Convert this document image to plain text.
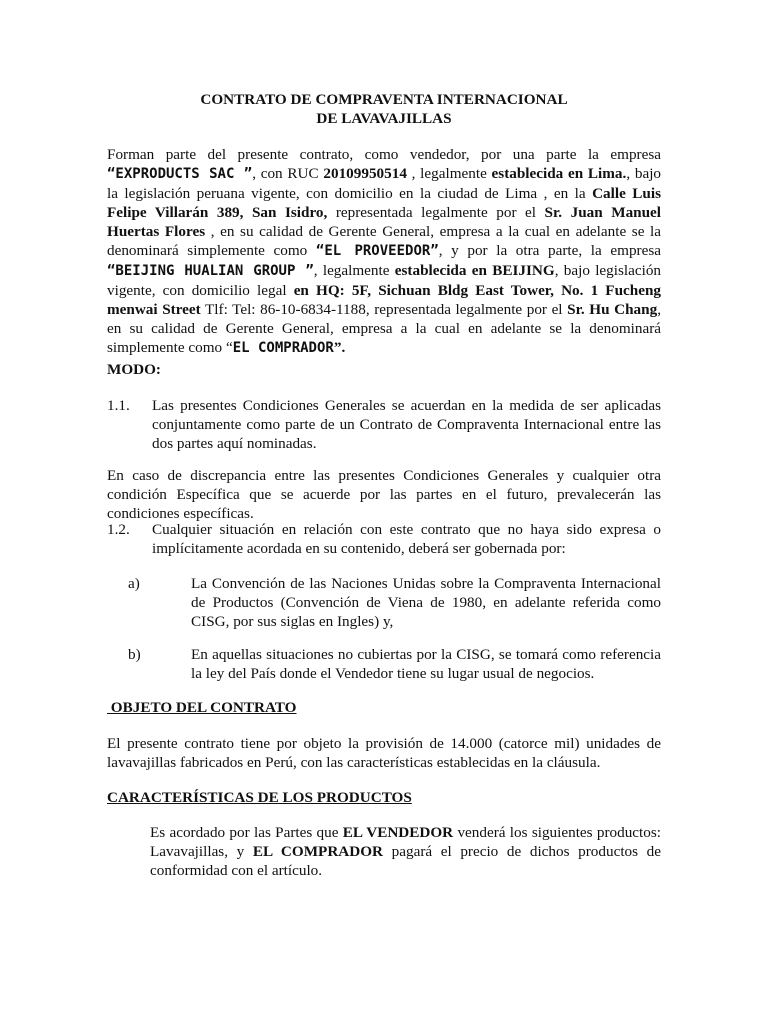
CONTRATO DE COMPRAVENTA INTERNACIONAL
DE LAVAVAJILLAS
Forman parte del presente contrato, como vendedor, por una parte la empresa “EXPRODUCTS SAC ”, con RUC 20109950514 , legalmente establecida en Lima., bajo la legislación peruana vigente, con domicilio en la ciudad de Lima , en la Calle Luis Felipe Villarán 389, San Isidro, representada legalmente por el Sr. Juan Manuel Huertas Flores , en su calidad de Gerente General, empresa a la cual en adelante se la denominará simplemente como “EL PROVEEDOR”, y por la otra parte, la empresa “BEIJING HUALIAN GROUP ”, legalmente establecida en BEIJING, bajo legislación vigente, con domicilio legal en HQ: 5F, Sichuan Bldg East Tower, No. 1 Fucheng menwai Street Tlf: Tel: 86-10-6834-1188, representada legalmente por el Sr. Hu Chang, en su calidad de Gerente General, empresa a la cual en adelante se la denominará simplemente como “EL COMPRADOR”.
MODO:
1.1. Las presentes Condiciones Generales se acuerdan en la medida de ser aplicadas conjuntamente como parte de un Contrato de Compraventa Internacional entre las dos partes aquí nominadas.
En caso de discrepancia entre las presentes Condiciones Generales y cualquier otra condición Específica que se acuerde por las partes en el futuro, prevalecerán las condiciones específicas.
1.2. Cualquier situación en relación con este contrato que no haya sido expresa o implícitamente acordada en su contenido, deberá ser gobernada por:
a)	La Convención de las Naciones Unidas sobre la Compraventa Internacional de Productos (Convención de Viena de 1980, en adelante referida como CISG, por sus siglas en Ingles) y,
b)	En aquellas situaciones no cubiertas por la CISG, se tomará como referencia la ley del País donde el Vendedor tiene su lugar usual de negocios.
OBJETO DEL CONTRATO
El presente contrato tiene por objeto la provisión de 14.000 (catorce mil) unidades de lavavajillas fabricados en Perú, con las características establecidas en la cláusula.
CARACTERÍSTICAS DE LOS PRODUCTOS
Es acordado por las Partes que EL VENDEDOR venderá los siguientes productos: Lavavajillas, y EL COMPRADOR pagará el precio de dichos productos de conformidad con el artículo.
